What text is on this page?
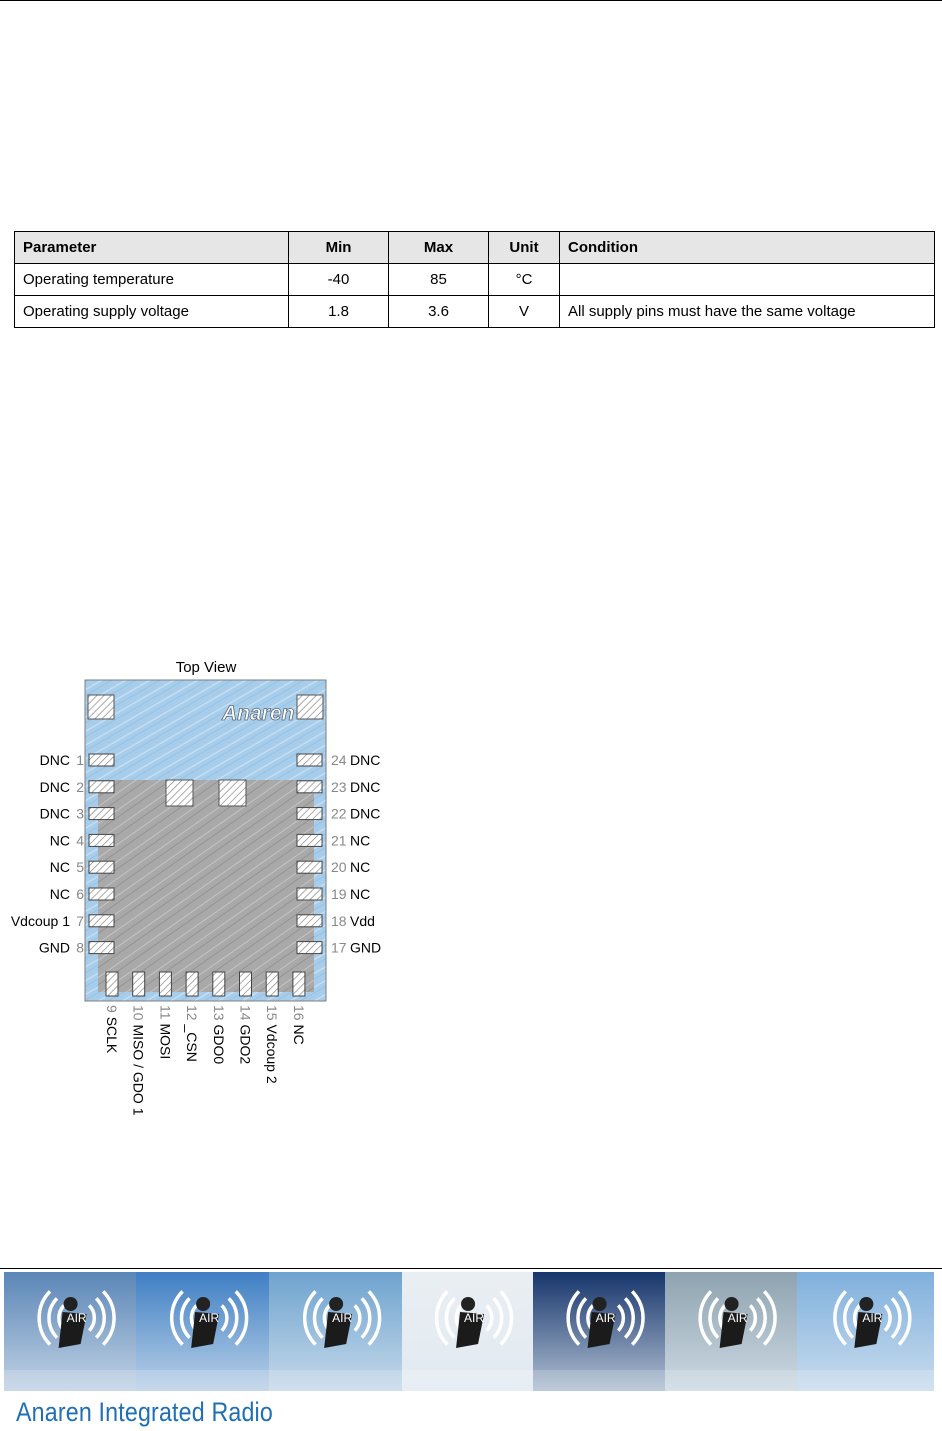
Parameter	Min	Max	Unit	Condition
Operating temperature	-40	85	°C	
Operating supply voltage	1.8	3.6	V	All supply pins must have the same voltage
Top View
Anaren
1
DNC
2
DNC
3
DNC
4
NC
5
NC
6
NC
7
Vdcoup 1
8
GND
24 DNC
23 DNC
22 DNC
21 NC
20 NC
19 NC
18 Vdd
17 GND
9 SCLK
10 MISO / GDO 1
11 MOSI
12 _CSN
13 GDO0
14 GDO2
15 Vdcoup 2
16 NC
AIR	AIR	AIR	AIR	AIR	AIR	AIR
Anaren Integrated Radio
